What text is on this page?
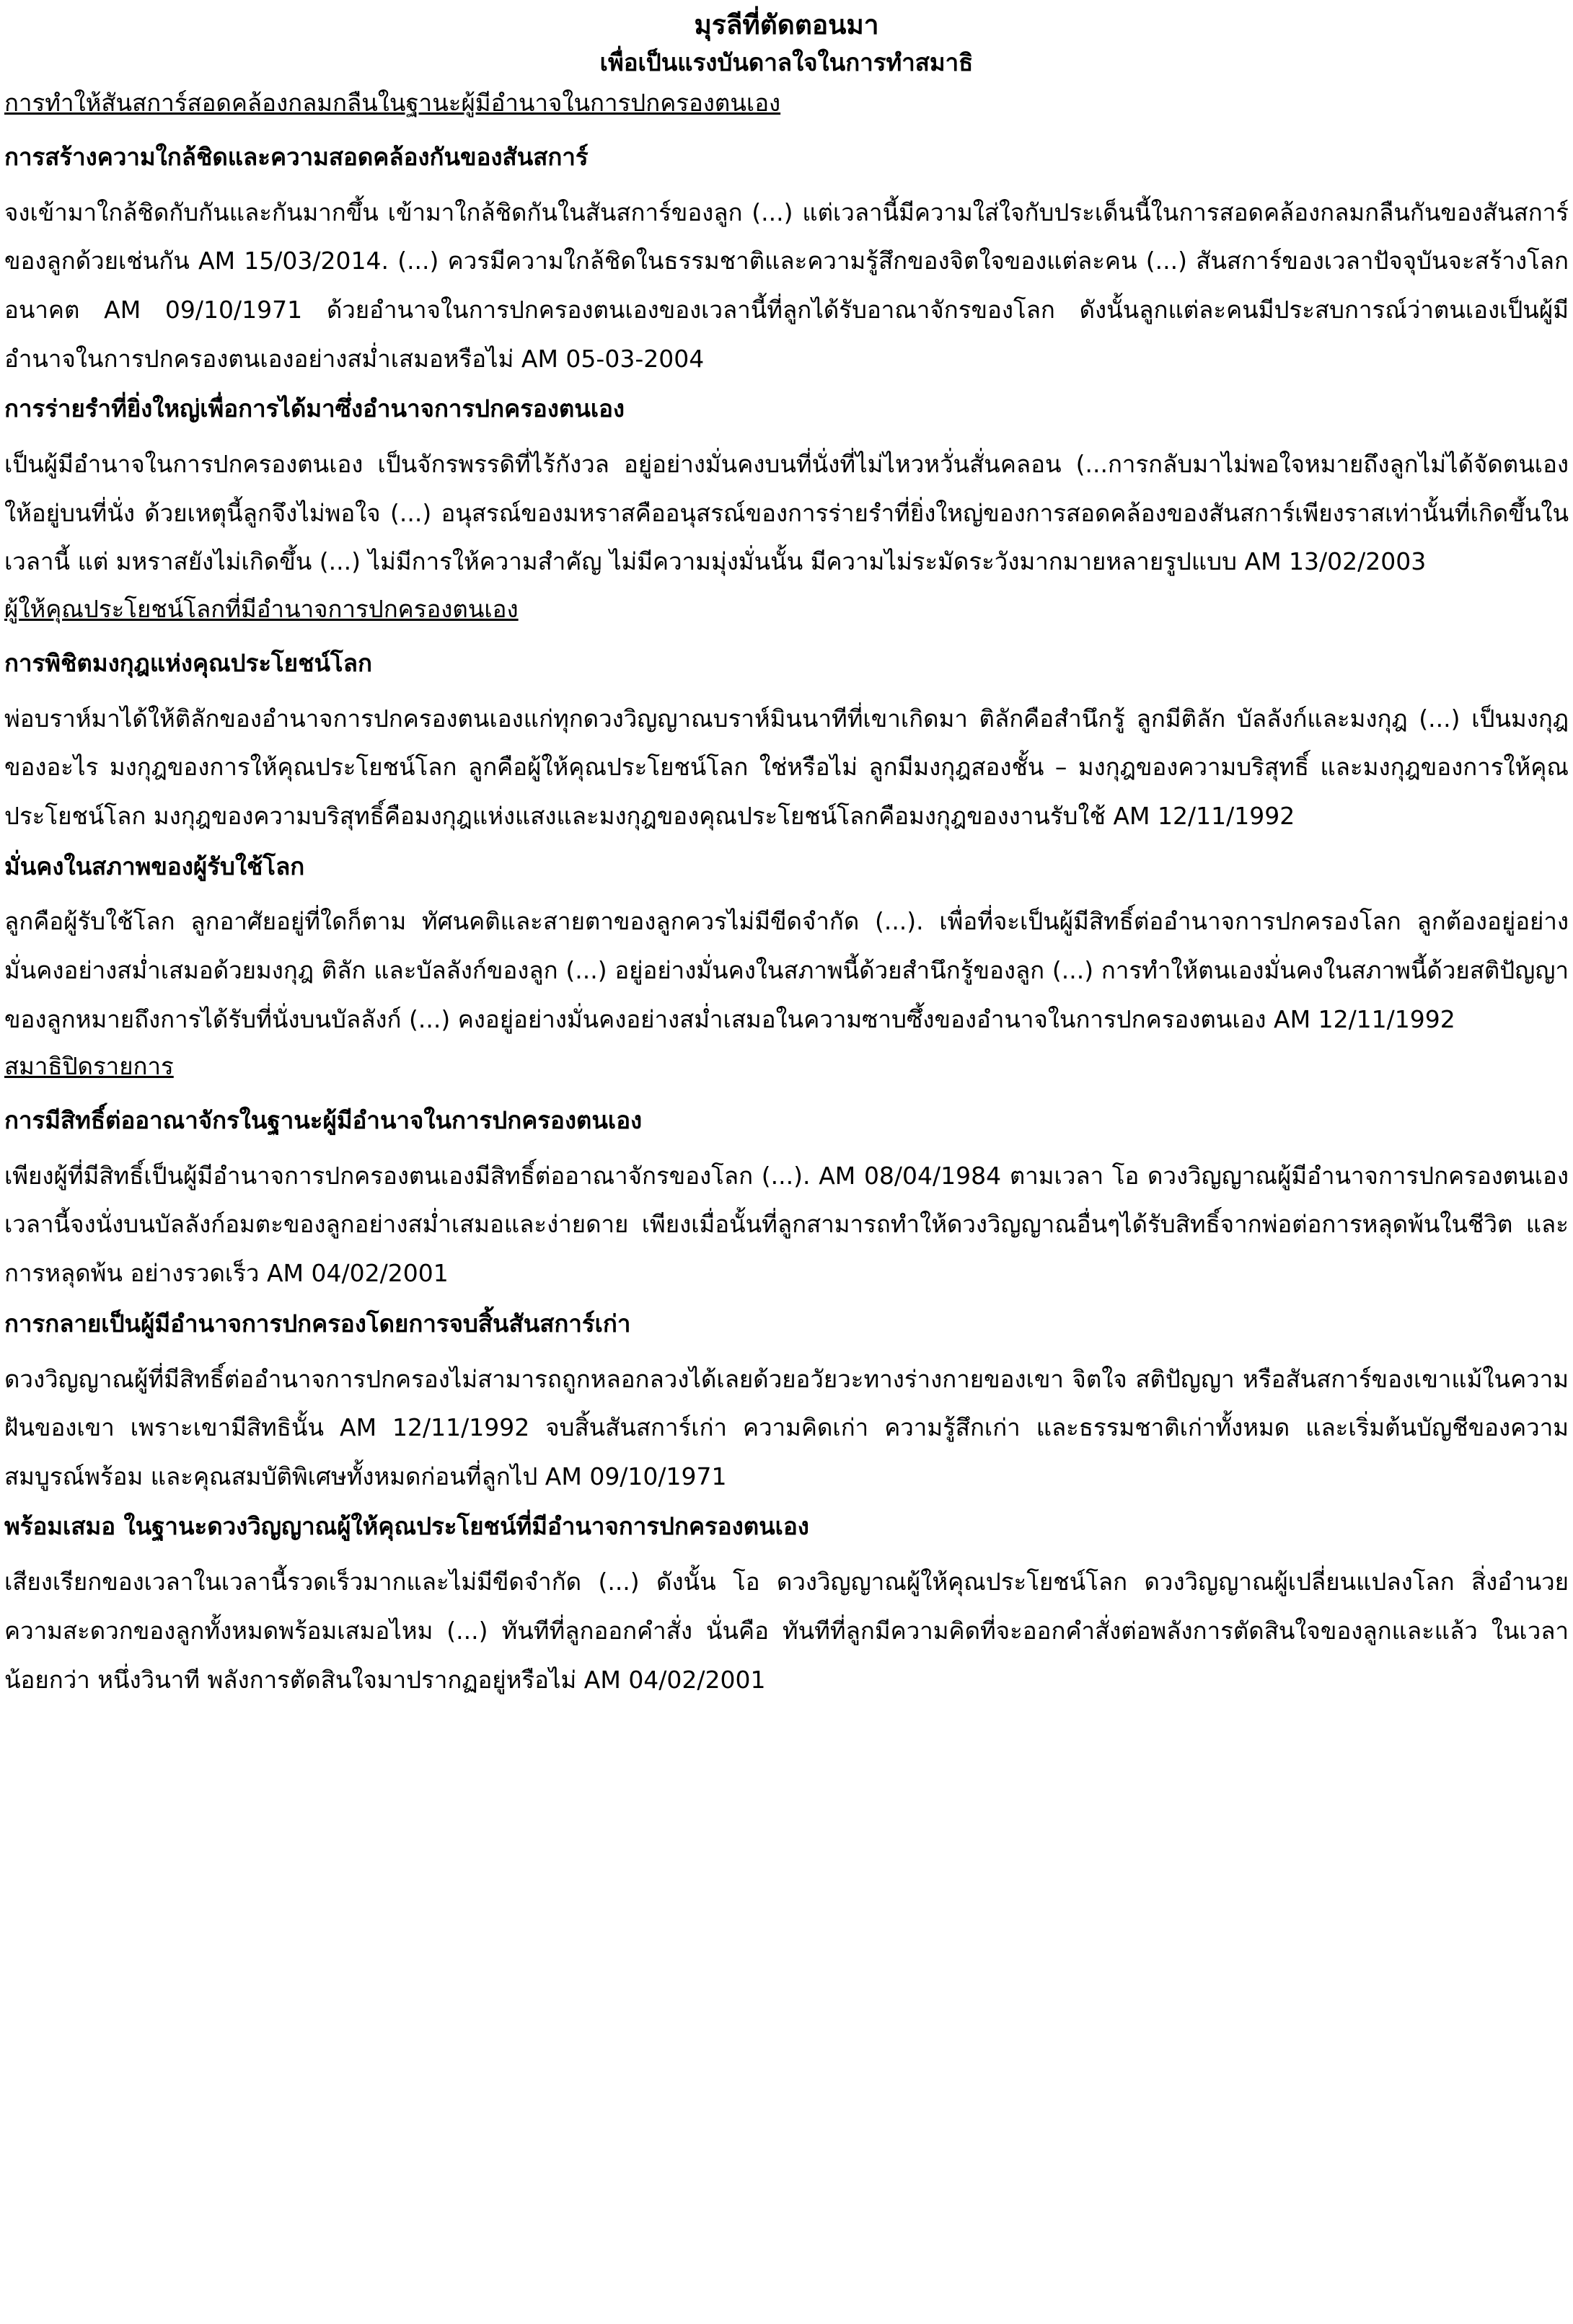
มุรลีที่ตัดตอนมา
เพื่อเป็นแรงบันดาลใจในการทำสมาธิ
การทำให้สันสการ์สอดคล้องกลมกลืนในฐานะผู้มีอำนาจในการปกครองตนเอง
การสร้างความใกล้ชิดและความสอดคล้องกันของสันสการ์

จงเข้ามาใกล้ชิดกับกันและกันมากขึ้น เข้ามาใกล้ชิดกันในสันสการ์ของลูก (...) แต่เวลานี้มีความใส่ใจกับประเด็นนี้ในการสอดคล้องกลมกลืนกันของสันสการ์ของลูกด้วยเช่นกัน AM 15/03/2014. (...) ควรมีความใกล้ชิดในธรรมชาติและความรู้สึกของจิตใจของแต่ละคน (...) สันสการ์ของเวลาปัจจุบันจะสร้างโลกอนาคต AM 09/10/1971 ด้วยอำนาจในการปกครองตนเองของเวลานี้ที่ลูกได้รับอาณาจักรของโลก ดังนั้นลูกแต่ละคนมีประสบการณ์ว่าตนเองเป็นผู้มีอำนาจในการปกครองตนเองอย่างสม่ำเสมอหรือไม่ AM 05-03-2004

การร่ายรำที่ยิ่งใหญ่เพื่อการได้มาซึ่งอำนาจการปกครองตนเอง

เป็นผู้มีอำนาจในการปกครองตนเอง เป็นจักรพรรดิที่ไร้กังวล อยู่อย่างมั่นคงบนที่นั่งที่ไม่ไหวหวั่นสั่นคลอน (...การกลับมาไม่พอใจหมายถึงลูกไม่ได้จัดตนเองให้อยู่บนที่นั่ง ด้วยเหตุนี้ลูกจึงไม่พอใจ (...) อนุสรณ์ของมหราสคืออนุสรณ์ของการร่ายรำที่ยิ่งใหญ่ของการสอดคล้องของสันสการ์เพียงราสเท่านั้นที่เกิดขึ้นในเวลานี้ แต่ มหราสยังไม่เกิดขึ้น (...) ไม่มีการให้ความสำคัญ ไม่มีความมุ่งมั่นนั้น มีความไม่ระมัดระวังมากมายหลายรูปแบบ AM 13/02/2003

ผู้ให้คุณประโยชน์โลกที่มีอำนาจการปกครองตนเอง
การพิชิตมงกุฎแห่งคุณประโยชน์โลก

พ่อบราห์มาได้ให้ติลักของอำนาจการปกครองตนเองแก่ทุกดวงวิญญาณบราห์มินนาทีที่เขาเกิดมา ติลักคือสำนึกรู้ ลูกมีติลัก บัลลังก์และมงกุฎ (...) เป็นมงกุฎของอะไร มงกุฎของการให้คุณประโยชน์โลก ลูกคือผู้ให้คุณประโยชน์โลก ใช่หรือไม่ ลูกมีมงกุฎสองชั้น – มงกุฎของความบริสุทธิ์ และมงกุฎของการให้คุณประโยชน์โลก มงกุฎของความบริสุทธิ์คือมงกุฎแห่งแสงและมงกุฎของคุณประโยชน์โลกคือมงกุฎของงานรับใช้ AM 12/11/1992

มั่นคงในสภาพของผู้รับใช้โลก

ลูกคือผู้รับใช้โลก ลูกอาศัยอยู่ที่ใดก็ตาม ทัศนคติและสายตาของลูกควรไม่มีขีดจำกัด (...). เพื่อที่จะเป็นผู้มีสิทธิ์ต่ออำนาจการปกครองโลก ลูกต้องอยู่อย่างมั่นคงอย่างสม่ำเสมอด้วยมงกุฎ ติลัก และบัลลังก์ของลูก (...) อยู่อย่างมั่นคงในสภาพนี้ด้วยสำนึกรู้ของลูก (...) การทำให้ตนเองมั่นคงในสภาพนี้ด้วยสติปัญญาของลูกหมายถึงการได้รับที่นั่งบนบัลลังก์ (...) คงอยู่อย่างมั่นคงอย่างสม่ำเสมอในความซาบซึ้งของอำนาจในการปกครองตนเอง AM 12/11/1992

สมาธิปิดรายการ
การมีสิทธิ์ต่ออาณาจักรในฐานะผู้มีอำนาจในการปกครองตนเอง

เพียงผู้ที่มีสิทธิ์เป็นผู้มีอำนาจการปกครองตนเองมีสิทธิ์ต่ออาณาจักรของโลก (...). AM 08/04/1984 ตามเวลา โอ ดวงวิญญาณผู้มีอำนาจการปกครองตนเอง เวลานี้จงนั่งบนบัลลังก์อมตะของลูกอย่างสม่ำเสมอและง่ายดาย เพียงเมื่อนั้นที่ลูกสามารถทำให้ดวงวิญญาณอื่นๆได้รับสิทธิ์จากพ่อต่อการหลุดพ้นในชีวิต และการหลุดพ้น อย่างรวดเร็ว AM 04/02/2001

การกลายเป็นผู้มีอำนาจการปกครองโดยการจบสิ้นสันสการ์เก่า

ดวงวิญญาณผู้ที่มีสิทธิ์ต่ออำนาจการปกครองไม่สามารถถูกหลอกลวงได้เลยด้วยอวัยวะทางร่างกายของเขา จิตใจ สติปัญญา หรือสันสการ์ของเขาแม้ในความฝันของเขา เพราะเขามีสิทธินั้น AM 12/11/1992 จบสิ้นสันสการ์เก่า ความคิดเก่า ความรู้สึกเก่า และธรรมชาติเก่าทั้งหมด และเริ่มต้นบัญชีของความสมบูรณ์พร้อม และคุณสมบัติพิเศษทั้งหมดก่อนที่ลูกไป AM 09/10/1971

พร้อมเสมอ ในฐานะดวงวิญญาณผู้ให้คุณประโยชน์ที่มีอำนาจการปกครองตนเอง

เสียงเรียกของเวลาในเวลานี้รวดเร็วมากและไม่มีขีดจำกัด (...) ดังนั้น โอ ดวงวิญญาณผู้ให้คุณประโยชน์โลก ดวงวิญญาณผู้เปลี่ยนแปลงโลก สิ่งอำนวยความสะดวกของลูกทั้งหมดพร้อมเสมอไหม (...) ทันทีที่ลูกออกคำสั่ง นั่นคือ ทันทีที่ลูกมีความคิดที่จะออกคำสั่งต่อพลังการตัดสินใจของลูกและแล้ว ในเวลาน้อยกว่า หนึ่งวินาที พลังการตัดสินใจมาปรากฏอยู่หรือไม่ AM 04/02/2001
